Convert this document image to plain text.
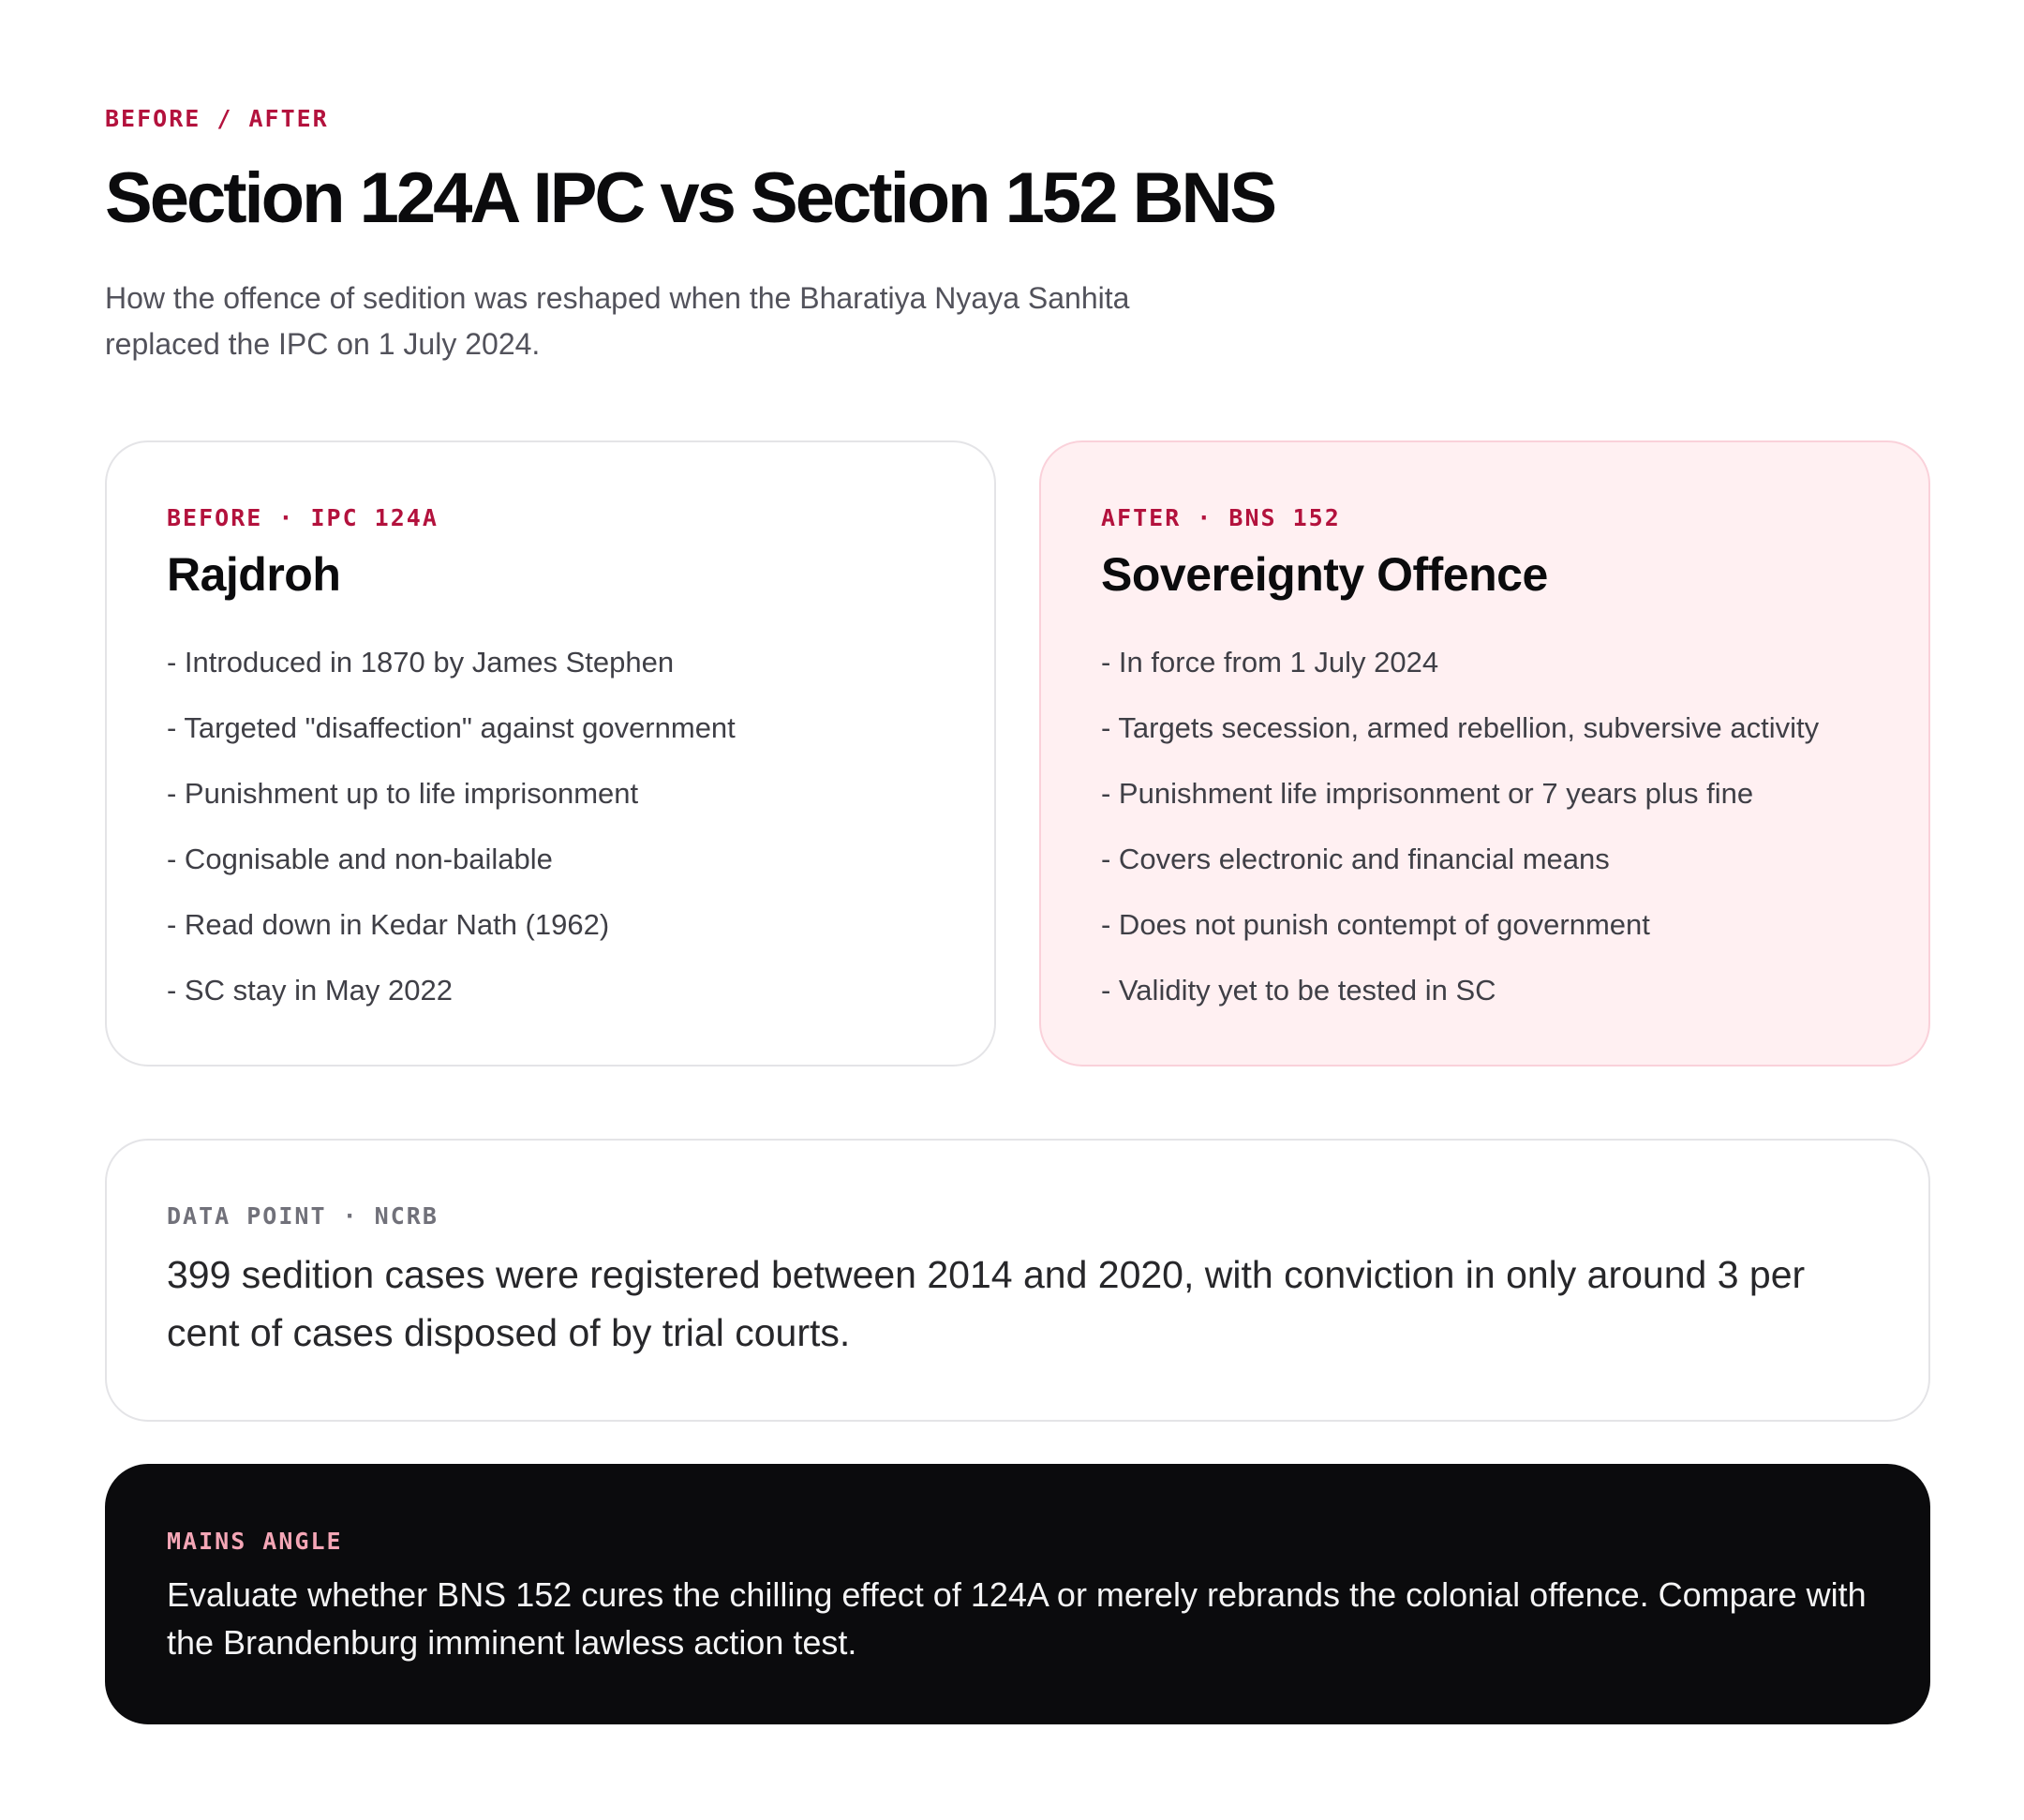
BEFORE / AFTER
Section 124A IPC vs Section 152 BNS

How the offence of sedition was reshaped when the Bharatiya Nyaya Sanhita replaced the IPC on 1 July 2024.

BEFORE · IPC 124A
Rajdroh
- Introduced in 1870 by James Stephen
- Targeted "disaffection" against government
- Punishment up to life imprisonment
- Cognisable and non-bailable
- Read down in Kedar Nath (1962)
- SC stay in May 2022
AFTER · BNS 152
Sovereignty Offence
- In force from 1 July 2024
- Targets secession, armed rebellion, subversive activity
- Punishment life imprisonment or 7 years plus fine
- Covers electronic and financial means
- Does not punish contempt of government
- Validity yet to be tested in SC
DATA POINT · NCRB

399 sedition cases were registered between 2014 and 2020, with conviction in only around 3 per cent of cases disposed of by trial courts.

MAINS ANGLE

Evaluate whether BNS 152 cures the chilling effect of 124A or merely rebrands the colonial offence. Compare with the Brandenburg imminent lawless action test.
